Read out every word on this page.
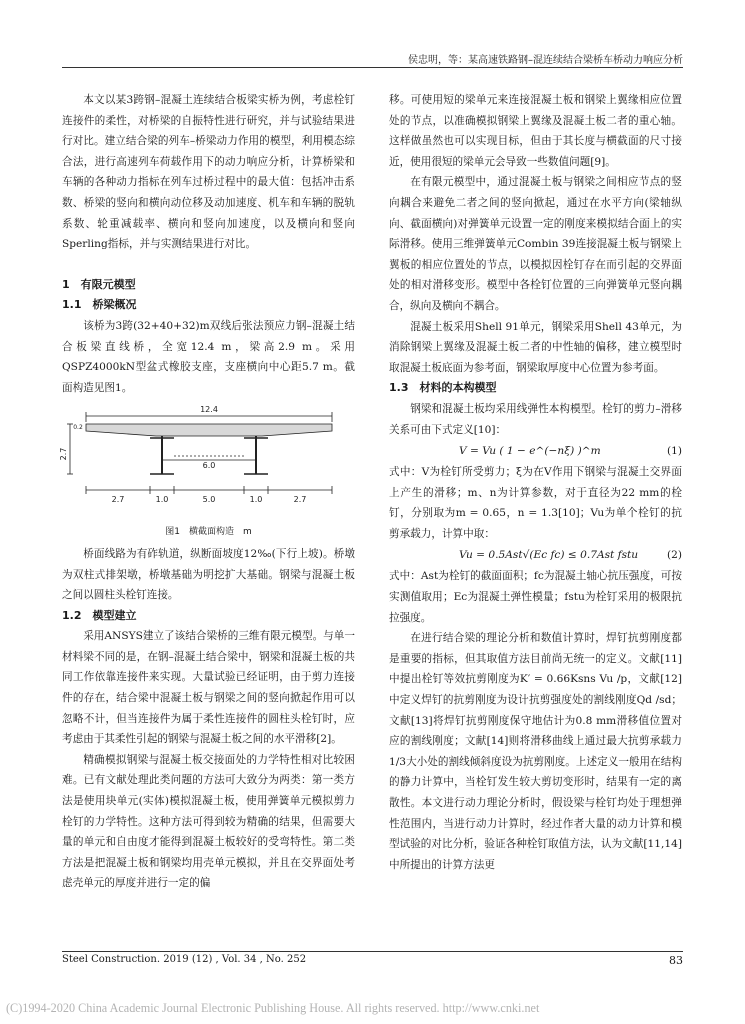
侯忠明，等：某高速铁路钢–混连续结合梁桥车桥动力响应分析

本文以某3跨钢–混凝土连续结合板梁实桥为例，考虑栓钉连接件的柔性，对桥梁的自振特性进行研究，并与试验结果进行对比。建立结合梁的列车–桥梁动力作用的模型，利用模态综合法，进行高速列车荷载作用下的动力响应分析，计算桥梁和车辆的各种动力指标在列车过桥过程中的最大值：包括冲击系数、桥梁的竖向和横向动位移及动加速度、机车和车辆的脱轨系数、轮重减载率、横向和竖向加速度，以及横向和竖向Sperling指标，并与实测结果进行对比。

1　有限元模型
1.1　桥梁概况

该桥为3跨(32+40+32)m双线后张法预应力钢–混凝土结合板梁直线桥，全宽12.4 m，梁高2.9 m。采用QSPZ4000kN型盆式橡胶支座，支座横向中心距5.7 m。截面构造见图1。

12.4
6.0
2.7	1.0	5.0	1.0	2.7
2.7
0.2
图1　横截面构造　m

桥面线路为有砟轨道，纵断面坡度12‰(下行上坡)。桥墩为双柱式排架墩，桥墩基础为明挖扩大基础。钢梁与混凝土板之间以圆柱头栓钉连接。

1.2　模型建立

采用ANSYS建立了该结合梁桥的三维有限元模型。与单一材料梁不同的是，在钢–混凝土结合梁中，钢梁和混凝土板的共同工作依靠连接件来实现。大量试验已经证明，由于剪力连接件的存在，结合梁中混凝土板与钢梁之间的竖向掀起作用可以忽略不计，但当连接件为属于柔性连接件的圆柱头栓钉时，应考虑由于其柔性引起的钢梁与混凝土板之间的水平滑移[2]。

精确模拟钢梁与混凝土板交接面处的力学特性相对比较困难。已有文献处理此类问题的方法可大致分为两类：第一类方法是使用块单元(实体)模拟混凝土板，使用弹簧单元模拟剪力栓钉的力学特性。这种方法可得到较为精确的结果，但需要大量的单元和自由度才能得到混凝土板较好的受弯特性。第二类方法是把混凝土板和钢梁均用壳单元模拟，并且在交界面处考虑壳单元的厚度并进行一定的偏

移。可使用短的梁单元来连接混凝土板和钢梁上翼缘相应位置处的节点，以准确模拟钢梁上翼缘及混凝土板二者的重心轴。这样做虽然也可以实现目标，但由于其长度与横截面的尺寸接近，使用很短的梁单元会导致一些数值问题[9]。

在有限元模型中，通过混凝土板与钢梁之间相应节点的竖向耦合来避免二者之间的竖向掀起，通过在水平方向(梁轴纵向、截面横向)对弹簧单元设置一定的刚度来模拟结合面上的实际滑移。使用三维弹簧单元Combin 39连接混凝土板与钢梁上翼板的相应位置处的节点，以模拟因栓钉存在而引起的交界面处的相对滑移变形。模型中各栓钉位置的三向弹簧单元竖向耦合，纵向及横向不耦合。

混凝土板采用Shell 91单元，钢梁采用Shell 43单元，为消除钢梁上翼缘及混凝土板二者的中性轴的偏移，建立模型时取混凝土板底面为参考面，钢梁取厚度中心位置为参考面。

1.3　材料的本构模型

钢梁和混凝土板均采用线弹性本构模型。栓钉的剪力–滑移关系可由下式定义[10]：

V = Vu ( 1 − e^(−nξ) )^m	(1)

式中：V为栓钉所受剪力；ξ为在V作用下钢梁与混凝土交界面上产生的滑移；m、n为计算参数，对于直径为22 mm的栓钉，分别取为m = 0.65，n = 1.3[10]；Vu为单个栓钉的抗剪承载力，计算中取：

Vu = 0.5Ast√(Ec fc) ≤ 0.7Ast fstu	(2)

式中：Ast为栓钉的截面面积；fc为混凝土轴心抗压强度，可按实测值取用；Ec为混凝土弹性模量；fstu为栓钉采用的极限抗拉强度。

在进行结合梁的理论分析和数值计算时，焊钉抗剪刚度都是重要的指标，但其取值方法目前尚无统一的定义。文献[11]中提出栓钉等效抗剪刚度为K′ = 0.66Ksns Vu /p，文献[12]中定义焊钉的抗剪刚度为设计抗剪强度处的割线刚度Qd /sd；文献[13]将焊钉抗剪刚度保守地估计为0.8 mm滑移值位置对应的割线刚度；文献[14]则将滑移曲线上通过最大抗剪承载力1/3大小处的割线倾斜度设为抗剪刚度。上述定义一般用在结构的静力计算中，当栓钉发生较大剪切变形时，结果有一定的离散性。本文进行动力理论分析时，假设梁与栓钉均处于理想弹性范围内，当进行动力计算时，经过作者大量的动力计算和模型试验的对比分析，验证各种栓钉取值方法，认为文献[11,14]中所提出的计算方法更

Steel Construction. 2019 (12) , Vol. 34 , No. 252	83
(C)1994-2020 China Academic Journal Electronic Publishing House. All rights reserved. http://www.cnki.net
